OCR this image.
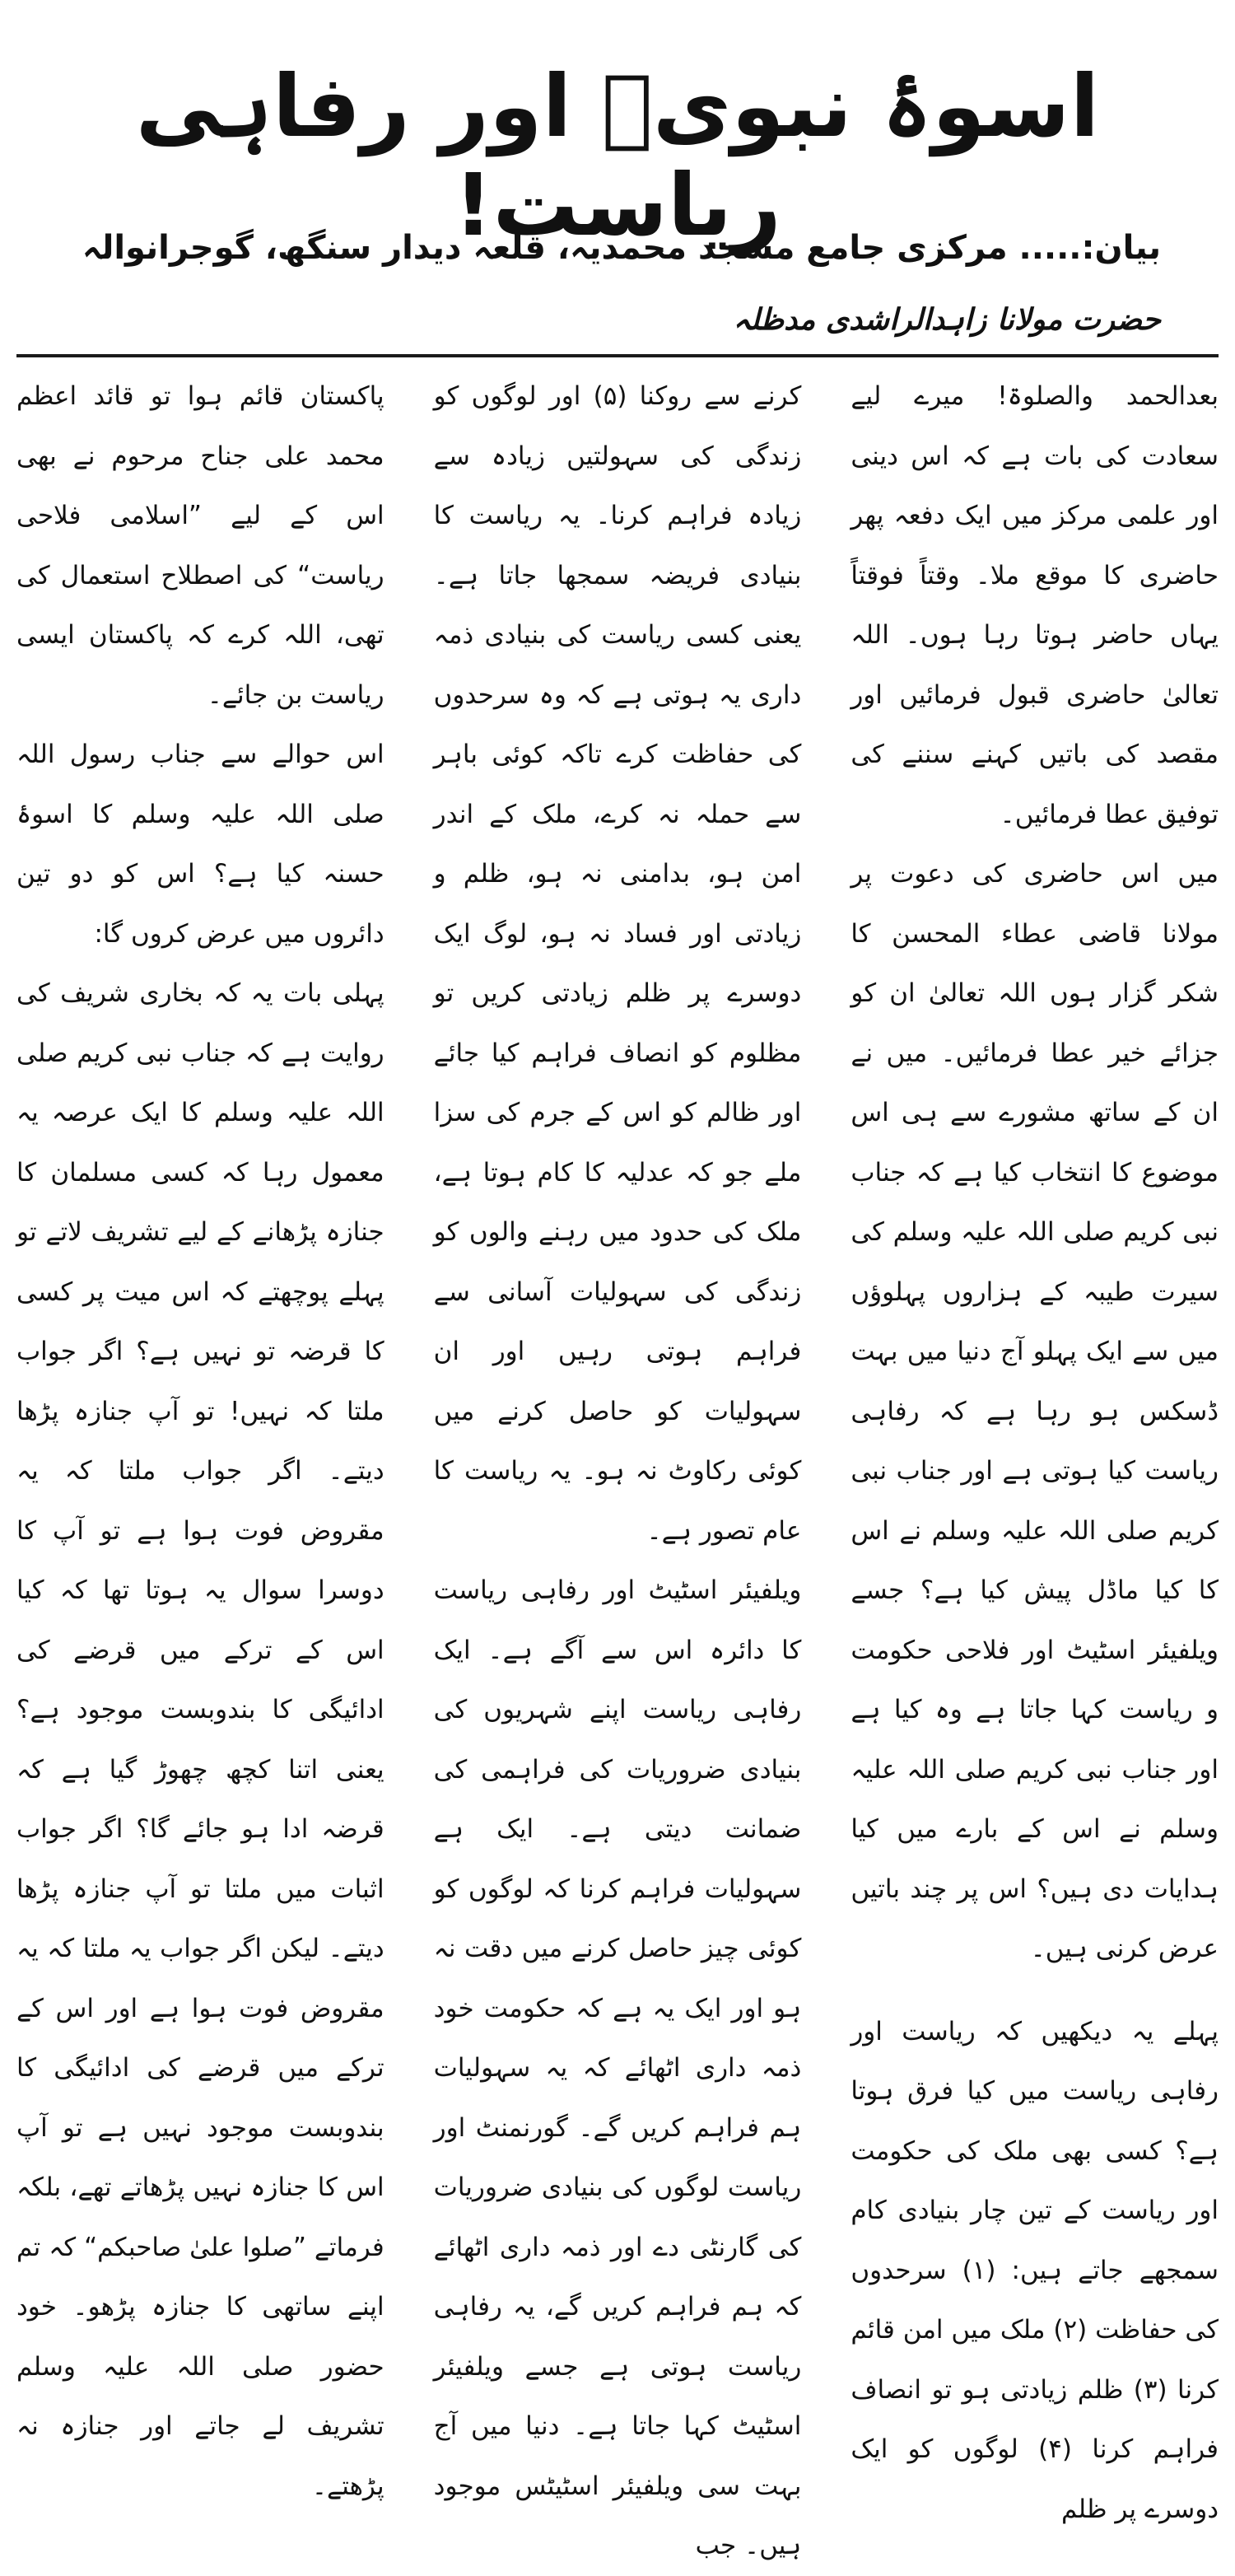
اسوۂ نبویؐ اور رفاہی ریاست!
بیان:..... مرکزی جامع مسجد محمدیہ، قلعہ دیدار سنگھ، گوجرانوالہ
حضرت مولانا زاہدالراشدی مدظلہ

بعدالحمد والصلوۃ! میرے لیے سعادت کی بات ہے کہ اس دینی اور علمی مرکز میں ایک دفعہ پھر حاضری کا موقع ملا۔ وقتاً فوقتاً یہاں حاضر ہوتا رہا ہوں۔ اللہ تعالیٰ حاضری قبول فرمائیں اور مقصد کی باتیں کہنے سننے کی توفیق عطا فرمائیں۔

میں اس حاضری کی دعوت پر مولانا قاضی عطاء المحسن کا شکر گزار ہوں اللہ تعالیٰ ان کو جزائے خیر عطا فرمائیں۔ میں نے ان کے ساتھ مشورے سے ہی اس موضوع کا انتخاب کیا ہے کہ جناب نبی کریم صلی اللہ علیہ وسلم کی سیرت طیبہ کے ہزاروں پہلوؤں میں سے ایک پہلو آج دنیا میں بہت ڈسکس ہو رہا ہے کہ رفاہی ریاست کیا ہوتی ہے اور جناب نبی کریم صلی اللہ علیہ وسلم نے اس کا کیا ماڈل پیش کیا ہے؟ جسے ویلفیئر اسٹیٹ اور فلاحی حکومت و ریاست کہا جاتا ہے وہ کیا ہے اور جناب نبی کریم صلی اللہ علیہ وسلم نے اس کے بارے میں کیا ہدایات دی ہیں؟ اس پر چند باتیں عرض کرنی ہیں۔

پہلے یہ دیکھیں کہ ریاست اور رفاہی ریاست میں کیا فرق ہوتا ہے؟ کسی بھی ملک کی حکومت اور ریاست کے تین چار بنیادی کام سمجھے جاتے ہیں: (۱) سرحدوں کی حفاظت (۲) ملک میں امن قائم کرنا (۳) ظلم زیادتی ہو تو انصاف فراہم کرنا (۴) لوگوں کو ایک دوسرے پر ظلم

کرنے سے روکنا (۵) اور لوگوں کو زندگی کی سہولتیں زیادہ سے زیادہ فراہم کرنا۔ یہ ریاست کا بنیادی فریضہ سمجھا جاتا ہے۔ یعنی کسی ریاست کی بنیادی ذمہ داری یہ ہوتی ہے کہ وہ سرحدوں کی حفاظت کرے تاکہ کوئی باہر سے حملہ نہ کرے، ملک کے اندر امن ہو، بدامنی نہ ہو، ظلم و زیادتی اور فساد نہ ہو، لوگ ایک دوسرے پر ظلم زیادتی کریں تو مظلوم کو انصاف فراہم کیا جائے اور ظالم کو اس کے جرم کی سزا ملے جو کہ عدلیہ کا کام ہوتا ہے، ملک کی حدود میں رہنے والوں کو زندگی کی سہولیات آسانی سے فراہم ہوتی رہیں اور ان سہولیات کو حاصل کرنے میں کوئی رکاوٹ نہ ہو۔ یہ ریاست کا عام تصور ہے۔

ویلفیئر اسٹیٹ اور رفاہی ریاست کا دائرہ اس سے آگے ہے۔ ایک رفاہی ریاست اپنے شہریوں کی بنیادی ضروریات کی فراہمی کی ضمانت دیتی ہے۔ ایک ہے سہولیات فراہم کرنا کہ لوگوں کو کوئی چیز حاصل کرنے میں دقت نہ ہو اور ایک یہ ہے کہ حکومت خود ذمہ داری اٹھائے کہ یہ سہولیات ہم فراہم کریں گے۔ گورنمنٹ اور ریاست لوگوں کی بنیادی ضروریات کی گارنٹی دے اور ذمہ داری اٹھائے کہ ہم فراہم کریں گے، یہ رفاہی ریاست ہوتی ہے جسے ویلفیئر اسٹیٹ کہا جاتا ہے۔ دنیا میں آج بہت سی ویلفیئر اسٹیٹس موجود ہیں۔ جب

پاکستان قائم ہوا تو قائد اعظم محمد علی جناح مرحوم نے بھی اس کے لیے ”اسلامی فلاحی ریاست“ کی اصطلاح استعمال کی تھی، اللہ کرے کہ پاکستان ایسی ریاست بن جائے۔

اس حوالے سے جناب رسول اللہ صلی اللہ علیہ وسلم کا اسوۂ حسنہ کیا ہے؟ اس کو دو تین دائروں میں عرض کروں گا:

پہلی بات یہ کہ بخاری شریف کی روایت ہے کہ جناب نبی کریم صلی اللہ علیہ وسلم کا ایک عرصہ یہ معمول رہا کہ کسی مسلمان کا جنازہ پڑھانے کے لیے تشریف لاتے تو پہلے پوچھتے کہ اس میت پر کسی کا قرضہ تو نہیں ہے؟ اگر جواب ملتا کہ نہیں! تو آپ جنازہ پڑھا دیتے۔ اگر جواب ملتا کہ یہ مقروض فوت ہوا ہے تو آپ کا دوسرا سوال یہ ہوتا تھا کہ کیا اس کے ترکے میں قرضے کی ادائیگی کا بندوبست موجود ہے؟ یعنی اتنا کچھ چھوڑ گیا ہے کہ قرضہ ادا ہو جائے گا؟ اگر جواب اثبات میں ملتا تو آپ جنازہ پڑھا دیتے۔ لیکن اگر جواب یہ ملتا کہ یہ مقروض فوت ہوا ہے اور اس کے ترکے میں قرضے کی ادائیگی کا بندوبست موجود نہیں ہے تو آپ اس کا جنازہ نہیں پڑھاتے تھے، بلکہ فرماتے ”صلوا علیٰ صاحبکم“ کہ تم اپنے ساتھی کا جنازہ پڑھو۔ خود حضور صلی اللہ علیہ وسلم تشریف لے جاتے اور جنازہ نہ پڑھتے۔
